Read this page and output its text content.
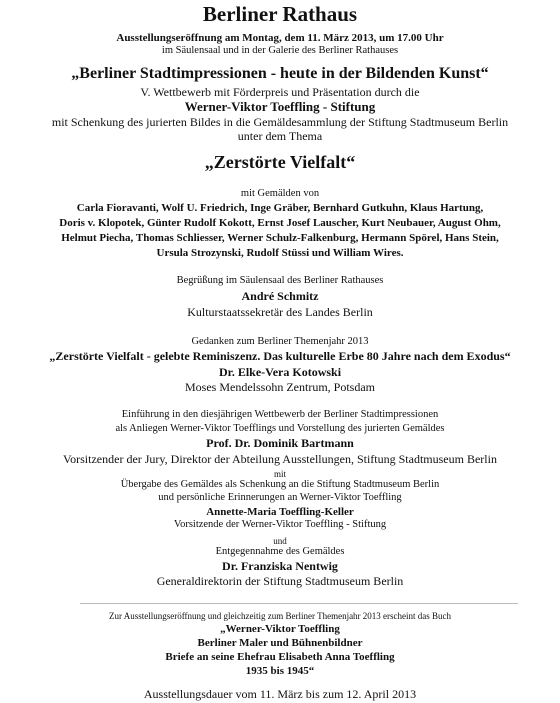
Berliner Rathaus
Ausstellungseröffnung am Montag, dem 11. März 2013, um 17.00 Uhr
im Säulensaal und in der Galerie des Berliner Rathauses
„Berliner Stadtimpressionen - heute in der Bildenden Kunst“
V. Wettbewerb mit Förderpreis und Präsentation durch die
Werner-Viktor Toeffling - Stiftung
mit Schenkung des jurierten Bildes in die Gemäldesammlung der Stiftung Stadtmuseum Berlin
unter dem Thema
„Zerstörte Vielfalt“
mit Gemälden von
Carla Fioravanti, Wolf U. Friedrich, Inge Gräber, Bernhard Gutkuhn, Klaus Hartung,
Doris v. Klopotek, Günter Rudolf Kokott, Ernst Josef Lauscher, Kurt Neubauer, August Ohm,
Helmut Piecha, Thomas Schliesser, Werner Schulz-Falkenburg, Hermann Spörel, Hans Stein,
Ursula Strozynski, Rudolf Stüssi und William Wires.
Begrüßung im Säulensaal des Berliner Rathauses
André Schmitz
Kulturstaatssekretär des Landes Berlin
Gedanken zum Berliner Themenjahr 2013
„Zerstörte Vielfalt - gelebte Reminiszenz. Das kulturelle Erbe 80 Jahre nach dem Exodus“
Dr. Elke-Vera Kotowski
Moses Mendelssohn Zentrum, Potsdam
Einführung in den diesjährigen Wettbewerb der Berliner Stadtimpressionen
als Anliegen Werner-Viktor Toefflings und Vorstellung des jurierten Gemäldes
Prof. Dr. Dominik Bartmann
Vorsitzender der Jury, Direktor der Abteilung Ausstellungen, Stiftung Stadtmuseum Berlin
mit
Übergabe des Gemäldes als Schenkung an die Stiftung Stadtmuseum Berlin
und persönliche Erinnerungen an Werner-Viktor Toeffling
Annette-Maria Toeffling-Keller
Vorsitzende der Werner-Viktor Toeffling - Stiftung
und
Entgegennahme des Gemäldes
Dr. Franziska Nentwig
Generaldirektorin der Stiftung Stadtmuseum Berlin
Zur Ausstellungseröffnung und gleichzeitig zum Berliner Themenjahr 2013 erscheint das Buch
„Werner-Viktor Toeffling
Berliner Maler und Bühnenbildner
Briefe an seine Ehefrau Elisabeth Anna Toeffling
1935 bis 1945“
Ausstellungsdauer vom 11. März bis zum 12. April 2013
